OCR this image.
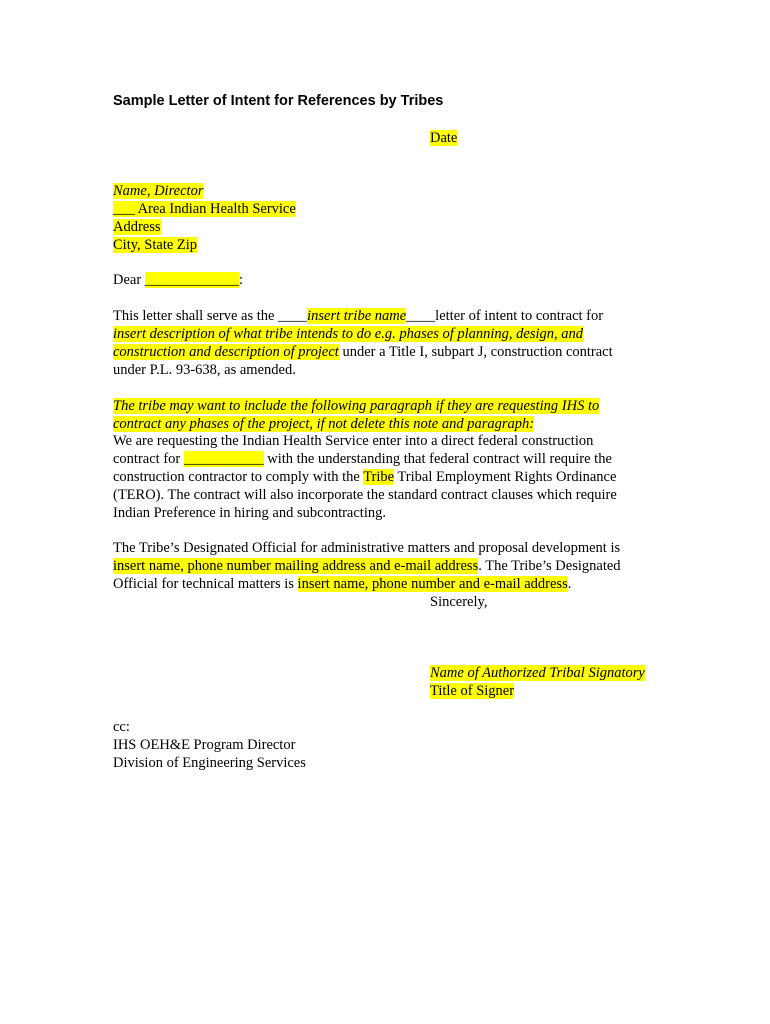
Sample Letter of Intent for References by Tribes
Date
Name, Director
___ Area Indian Health Service
Address
City, State Zip
Dear _____________:
This letter shall serve as the ____insert tribe name____letter of intent to contract for
insert description of what tribe intends to do e.g. phases of planning, design, and
construction and description of project under a Title I, subpart J, construction contract
under P.L. 93-638, as amended.
The tribe may want to include the following paragraph if they are requesting IHS to
contract any phases of the project, if not delete this note and paragraph:
We are requesting the Indian Health Service enter into a direct federal construction
contract for ___________ with the understanding that federal contract will require the
construction contractor to comply with the Tribe Tribal Employment Rights Ordinance
(TERO). The contract will also incorporate the standard contract clauses which require
Indian Preference in hiring and subcontracting.
The Tribe’s Designated Official for administrative matters and proposal development is
insert name, phone number mailing address and e-mail address. The Tribe’s Designated
Official for technical matters is insert name, phone number and e-mail address.
Sincerely,
Name of Authorized Tribal Signatory
Title of Signer
cc:
IHS OEH&E Program Director
Division of Engineering Services
